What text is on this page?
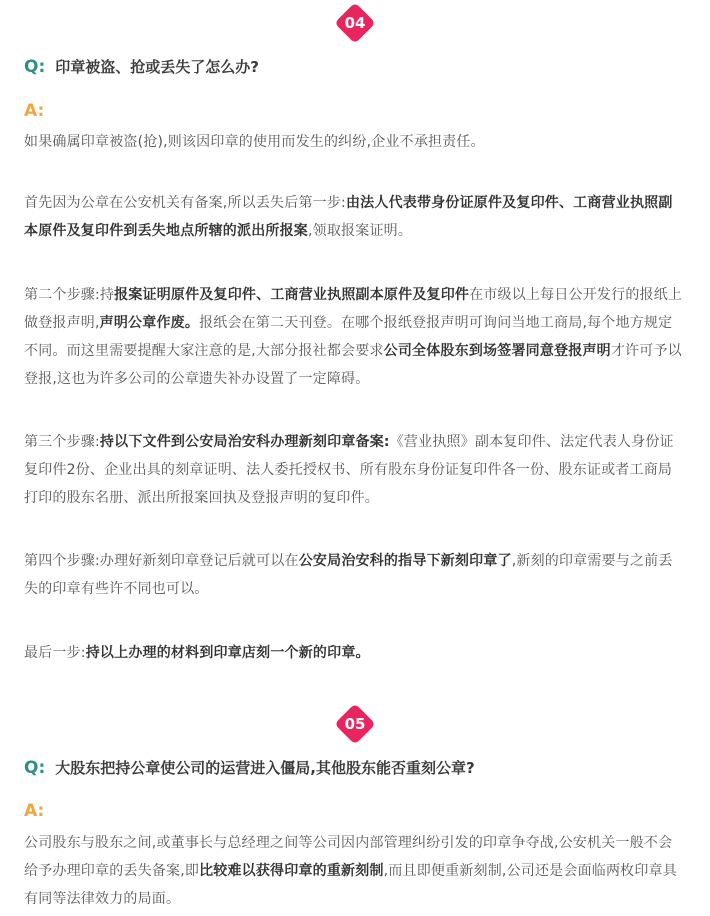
04
Q: 印章被盗、抢或丢失了怎么办?
A:
如果确属印章被盗(抢),则该因印章的使用而发生的纠纷,企业不承担责任。
首先因为公章在公安机关有备案,所以丢失后第一步:由法人代表带身份证原件及复印件、工商营业执照副本原件及复印件到丢失地点所辖的派出所报案,领取报案证明。
第二个步骤:持报案证明原件及复印件、工商营业执照副本原件及复印件在市级以上每日公开发行的报纸上做登报声明,声明公章作废。报纸会在第二天刊登。在哪个报纸登报声明可询问当地工商局,每个地方规定不同。而这里需要提醒大家注意的是,大部分报社都会要求公司全体股东到场签署同意登报声明才许可予以登报,这也为许多公司的公章遗失补办设置了一定障碍。
第三个步骤:持以下文件到公安局治安科办理新刻印章备案:《营业执照》副本复印件、法定代表人身份证复印件2份、企业出具的刻章证明、法人委托授权书、所有股东身份证复印件各一份、股东证或者工商局打印的股东名册、派出所报案回执及登报声明的复印件。
第四个步骤:办理好新刻印章登记后就可以在公安局治安科的指导下新刻印章了,新刻的印章需要与之前丢失的印章有些许不同也可以。
最后一步:持以上办理的材料到印章店刻一个新的印章。
05
Q: 大股东把持公章使公司的运营进入僵局,其他股东能否重刻公章?
A:
公司股东与股东之间,或董事长与总经理之间等公司因内部管理纠纷引发的印章争夺战,公安机关一般不会给予办理印章的丢失备案,即比较难以获得印章的重新刻制,而且即便重新刻制,公司还是会面临两枚印章具有同等法律效力的局面。
